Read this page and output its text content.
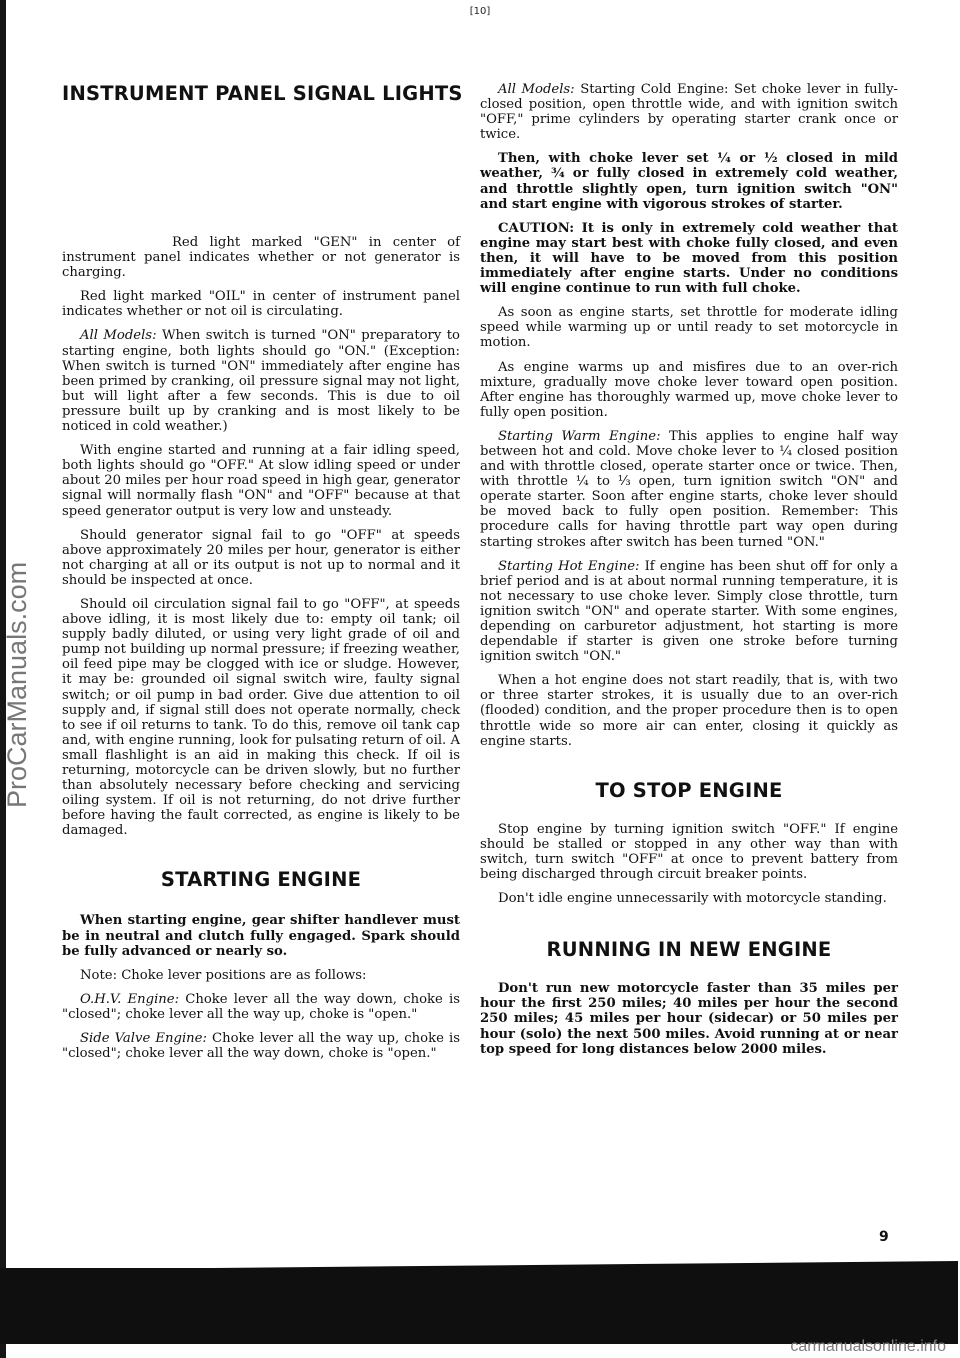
ProCarManuals.com
[10]
INSTRUMENT PANEL SIGNAL LIGHTS

Red light marked "GEN" in center of instrument panel indicates whether or not generator is charging.

Red light marked "OIL" in center of instrument panel indicates whether or not oil is circulating.

All Models: When switch is turned "ON" preparatory to starting engine, both lights should go "ON." (Exception: When switch is turned "ON" immediately after engine has been primed by cranking, oil pressure signal may not light, but will light after a few seconds. This is due to oil pressure built up by cranking and is most likely to be noticed in cold weather.)

With engine started and running at a fair idling speed, both lights should go "OFF." At slow idling speed or under about 20 miles per hour road speed in high gear, generator signal will normally flash "ON" and "OFF" because at that speed generator output is very low and unsteady.

Should generator signal fail to go "OFF" at speeds above approximately 20 miles per hour, generator is either not charging at all or its output is not up to normal and it should be inspected at once.

Should oil circulation signal fail to go "OFF", at speeds above idling, it is most likely due to: empty oil tank; oil supply badly diluted, or using very light grade of oil and pump not building up normal pressure; if freezing weather, oil feed pipe may be clogged with ice or sludge. However, it may be: grounded oil signal switch wire, faulty signal switch; or oil pump in bad order. Give due attention to oil supply and, if signal still does not operate normally, check to see if oil returns to tank. To do this, remove oil tank cap and, with engine running, look for pulsating return of oil. A small flashlight is an aid in making this check. If oil is returning, motorcycle can be driven slowly, but no further than absolutely necessary before checking and servicing oiling system. If oil is not returning, do not drive further before having the fault corrected, as engine is likely to be damaged.

STARTING ENGINE

When starting engine, gear shifter handlever must be in neutral and clutch fully engaged. Spark should be fully advanced or nearly so.

Note: Choke lever positions are as follows:

O.H.V. Engine: Choke lever all the way down, choke is "closed"; choke lever all the way up, choke is "open."

Side Valve Engine: Choke lever all the way up, choke is "closed"; choke lever all the way down, choke is "open."

All Models: Starting Cold Engine: Set choke lever in fully-closed position, open throttle wide, and with ignition switch "OFF," prime cylinders by operating starter crank once or twice.

Then, with choke lever set ¼ or ½ closed in mild weather, ¾ or fully closed in extremely cold weather, and throttle slightly open, turn ignition switch "ON" and start engine with vigorous strokes of starter.

CAUTION: It is only in extremely cold weather that engine may start best with choke fully closed, and even then, it will have to be moved from this position immediately after engine starts. Under no conditions will engine continue to run with full choke.

As soon as engine starts, set throttle for moderate idling speed while warming up or until ready to set motorcycle in motion.

As engine warms up and misfires due to an over-rich mixture, gradually move choke lever toward open position. After engine has thoroughly warmed up, move choke lever to fully open position.

Starting Warm Engine: This applies to engine half way between hot and cold. Move choke lever to ¼ closed position and with throttle closed, operate starter once or twice. Then, with throttle ¼ to ⅓ open, turn ignition switch "ON" and operate starter. Soon after engine starts, choke lever should be moved back to fully open position. Remember: This procedure calls for having throttle part way open during starting strokes after switch has been turned "ON."

Starting Hot Engine: If engine has been shut off for only a brief period and is at about normal running temperature, it is not necessary to use choke lever. Simply close throttle, turn ignition switch "ON" and operate starter. With some engines, depending on carburetor adjustment, hot starting is more dependable if starter is given one stroke before turning ignition switch "ON."

When a hot engine does not start readily, that is, with two or three starter strokes, it is usually due to an over-rich (flooded) condition, and the proper procedure then is to open throttle wide so more air can enter, closing it quickly as engine starts.

TO STOP ENGINE

Stop engine by turning ignition switch "OFF." If engine should be stalled or stopped in any other way than with switch, turn switch "OFF" at once to prevent battery from being discharged through circuit breaker points.

Don't idle engine unnecessarily with motorcycle standing.

RUNNING IN NEW ENGINE

Don't run new motorcycle faster than 35 miles per hour the first 250 miles; 40 miles per hour the second 250 miles; 45 miles per hour (sidecar) or 50 miles per hour (solo) the next 500 miles. Avoid running at or near top speed for long distances below 2000 miles.

9
carmanualsonline.info
